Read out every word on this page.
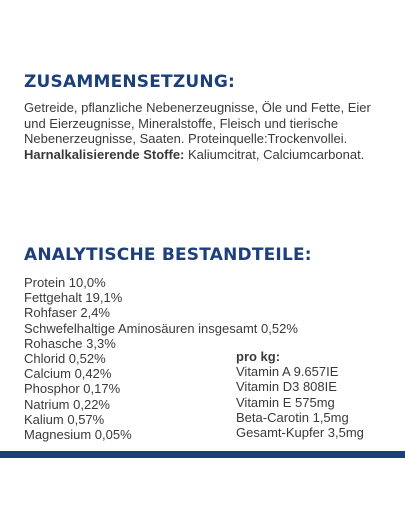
ZUSAMMENSETZUNG:

Getreide, pflanzliche Nebenerzeugnisse, Öle und Fette, Eier und Eierzeugnisse, Mineralstoffe, Fleisch und tierische Nebenerzeugnisse, Saaten. Proteinquelle:Trockenvollei.
Harnalkalisierende Stoffe: Kaliumcitrat, Calciumcarbonat.

ANALYTISCHE BESTANDTEILE:
Protein 10,0%
Fettgehalt 19,1%
Rohfaser 2,4%
Schwefelhaltige Aminosäuren insgesamt 0,52%
Rohasche 3,3%
Chlorid 0,52%
Calcium 0,42%
Phosphor 0,17%
Natrium 0,22%
Kalium 0,57%
Magnesium 0,05%
pro kg:
Vitamin A 9.657IE
Vitamin D3 808IE
Vitamin E 575mg
Beta-Carotin 1,5mg
Gesamt-Kupfer 3,5mg
